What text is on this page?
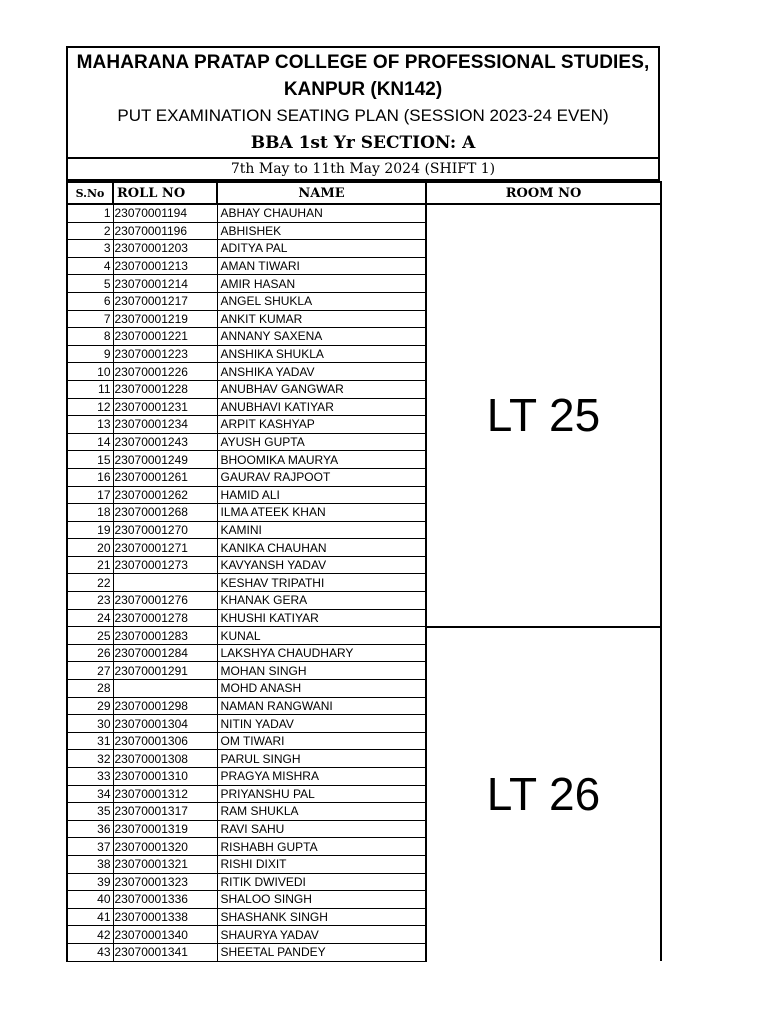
MAHARANA PRATAP COLLEGE OF PROFESSIONAL STUDIES,
KANPUR (KN142)
PUT EXAMINATION SEATING PLAN (SESSION 2023-24 EVEN)
BBA 1st Yr SECTION: A
7th May to 11th May 2024 (SHIFT 1)
S.No	ROLL NO	NAME	ROOM NO
1	23070001194	ABHAY CHAUHAN	LT 25
2	23070001196	ABHISHEK	
3	23070001203	ADITYA PAL	
4	23070001213	AMAN TIWARI	
5	23070001214	AMIR HASAN	
6	23070001217	ANGEL SHUKLA	
7	23070001219	ANKIT KUMAR	
8	23070001221	ANNANY SAXENA	
9	23070001223	ANSHIKA SHUKLA	
10	23070001226	ANSHIKA YADAV	
11	23070001228	ANUBHAV GANGWAR	
12	23070001231	ANUBHAVI KATIYAR	
13	23070001234	ARPIT KASHYAP	
14	23070001243	AYUSH GUPTA	
15	23070001249	BHOOMIKA MAURYA	
16	23070001261	GAURAV RAJPOOT	
17	23070001262	HAMID ALI	
18	23070001268	ILMA ATEEK KHAN	
19	23070001270	KAMINI	
20	23070001271	KANIKA CHAUHAN	
21	23070001273	KAVYANSH YADAV	
22		KESHAV TRIPATHI	
23	23070001276	KHANAK GERA	
24	23070001278	KHUSHI KATIYAR	
25	23070001283	KUNAL	LT 26
26	23070001284	LAKSHYA CHAUDHARY	
27	23070001291	MOHAN SINGH	
28		MOHD ANASH	
29	23070001298	NAMAN RANGWANI	
30	23070001304	NITIN YADAV	
31	23070001306	OM TIWARI	
32	23070001308	PARUL SINGH	
33	23070001310	PRAGYA MISHRA	
34	23070001312	PRIYANSHU PAL	
35	23070001317	RAM SHUKLA	
36	23070001319	RAVI SAHU	
37	23070001320	RISHABH GUPTA	
38	23070001321	RISHI DIXIT	
39	23070001323	RITIK DWIVEDI	
40	23070001336	SHALOO SINGH	
41	23070001338	SHASHANK SINGH	
42	23070001340	SHAURYA YADAV	
43	23070001341	SHEETAL PANDEY	
